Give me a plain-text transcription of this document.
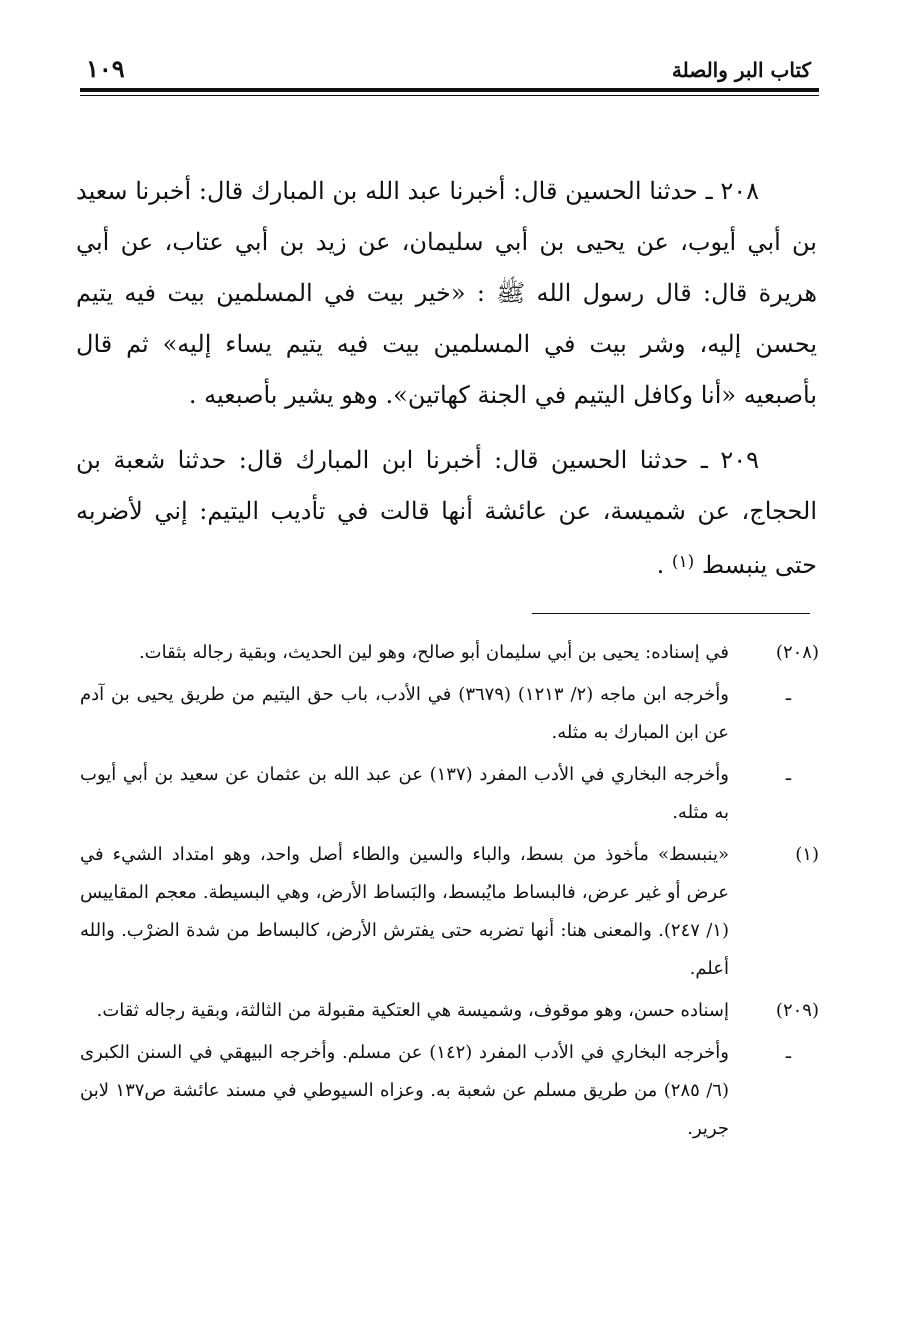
كتاب البر والصلة
١٠٩

٢٠٨ ـ حدثنا الحسين قال: أخبرنا عبد الله بن المبارك قال: أخبرنا سعيد بن أبي أيوب، عن يحيى بن أبي سليمان، عن زيد بن أبي عتاب، عن أبي هريرة قال: قال رسول الله ﷺ : «خير بيت في المسلمين بيت فيه يتيم يحسن إليه، وشر بيت في المسلمين بيت فيه يتيم يساء إليه» ثم قال بأصبعيه «أنا وكافل اليتيم في الجنة كهاتين». وهو يشير بأصبعيه .

٢٠٩ ـ حدثنا الحسين قال: أخبرنا ابن المبارك قال: حدثنا شعبة بن الحجاج، عن شميسة، عن عائشة أنها قالت في تأديب اليتيم: إني لأضربه حتى ينبسط $^{(١)}$ .

(٢٠٨)
في إسناده: يحيى بن أبي سليمان أبو صالح، وهو لين الحديث، وبقية رجاله بثقات.
ـ
وأخرجه ابن ماجه (٢/ ١٢١٣) (٣٦٧٩) في الأدب، باب حق اليتيم من طريق يحيى بن آدم عن ابن المبارك به مثله.
ـ
وأخرجه البخاري في الأدب المفرد (١٣٧) عن عبد الله بن عثمان عن سعيد بن أبي أيوب به مثله.
(١)
«ينبسط» مأخوذ من بسط، والباء والسين والطاء أصل واحد، وهو امتداد الشيء في عرض أو غير عرض، فالبساط مايُبسط، والبَساط الأرض، وهي البسيطة. معجم المقاييس (١/ ٢٤٧). والمعنى هنا: أنها تضربه حتى يفترش الأرض، كالبساط من شدة الضرْب. والله أعلم.
(٢٠٩)
إسناده حسن، وهو موقوف، وشميسة هي العتكية مقبولة من الثالثة، وبقية رجاله ثقات.
ـ
وأخرجه البخاري في الأدب المفرد (١٤٢) عن مسلم. وأخرجه البيهقي في السنن الكبرى (٦/ ٢٨٥) من طريق مسلم عن شعبة به. وعزاه السيوطي في مسند عائشة ص١٣٧ لابن جرير.
